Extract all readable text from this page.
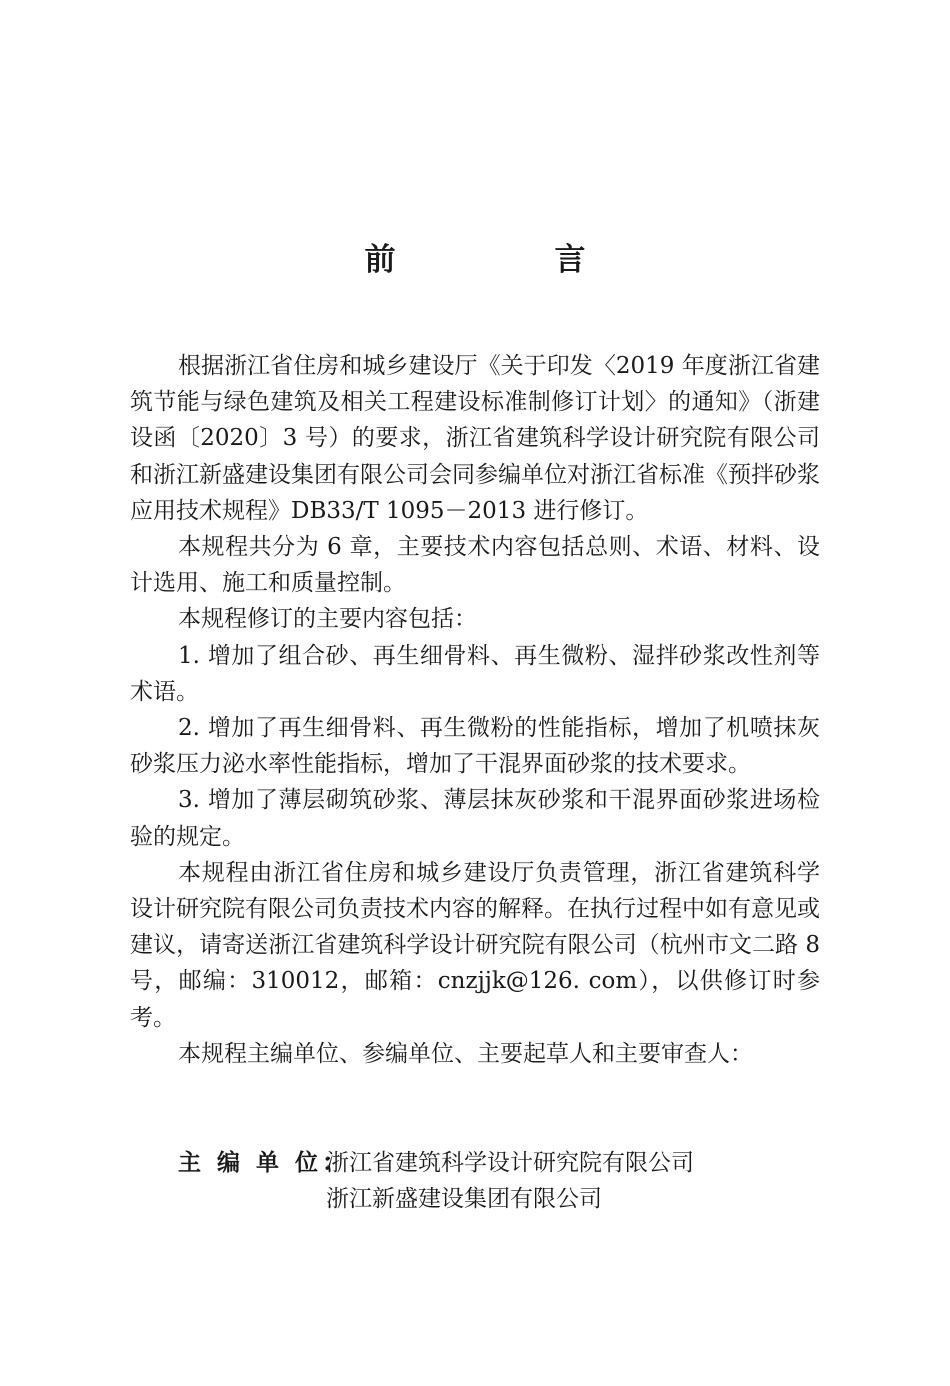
前　言

根据浙江省住房和城乡建设厅《关于印发〈2019 年度浙江省建筑节能与绿色建筑及相关工程建设标准制修订计划〉的通知》（浙建设函〔2020〕3 号）的要求，浙江省建筑科学设计研究院有限公司和浙江新盛建设集团有限公司会同参编单位对浙江省标准《预拌砂浆应用技术规程》DB33/T 1095－2013 进行修订。

本规程共分为 6 章，主要技术内容包括总则、术语、材料、设计选用、施工和质量控制。

本规程修订的主要内容包括：

1. 增加了组合砂、再生细骨料、再生微粉、湿拌砂浆改性剂等术语。

2. 增加了再生细骨料、再生微粉的性能指标，增加了机喷抹灰砂浆压力泌水率性能指标，增加了干混界面砂浆的技术要求。

3. 增加了薄层砌筑砂浆、薄层抹灰砂浆和干混界面砂浆进场检验的规定。

本规程由浙江省住房和城乡建设厅负责管理，浙江省建筑科学设计研究院有限公司负责技术内容的解释。在执行过程中如有意见或建议，请寄送浙江省建筑科学设计研究院有限公司（杭州市文二路 8 号，邮编：310012，邮箱：cnzjjk@126. com），以供修订时参考。

本规程主编单位、参编单位、主要起草人和主要审查人：

主 编 单 位：
浙江省建筑科学设计研究院有限公司
浙江新盛建设集团有限公司
